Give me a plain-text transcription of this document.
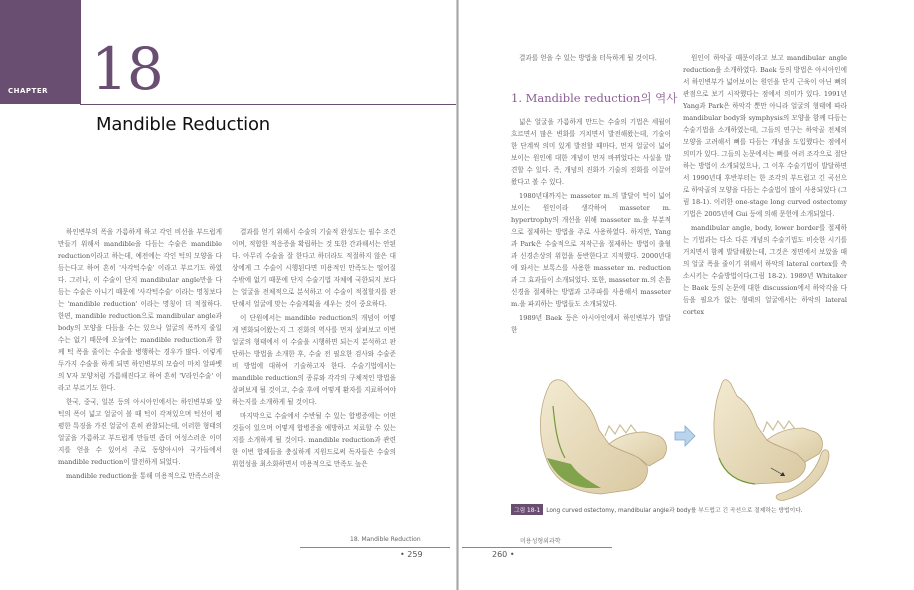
CHAPTER 18
Mandible Reduction

하인변부의 폭을 가름하게 하고 각인 비선을 부드럽게 만들기 위해서 mandible을 다듬는 수술은 mandible reduction이라고 하는데, 예전에는 각인 턱의 모양을 다듬는다고 하여 흔히 '사각턱수술' 이라고 부르기도 하였다. 그러나, 이 수술이 단지 mandibular angle만을 다듬는 수술은 아니기 때문에 '사각턱수술' 이라는 명칭보다는 'mandible reduction' 이라는 명칭이 더 적절하다. 한편, mandible reduction으로 mandibular angle과 body의 모양을 다듬을 수는 있으나 얼굴의 폭까지 줄일 수는 없기 때문에 오늘에는 mandible reduction과 함께 턱 폭을 줄이는 수술을 병행하는 경우가 많다. 이렇게 두가지 수술을 하게 되면 하인변부의 모습이 마치 알파벳의 V자 모양처럼 가름해진다고 하여 흔히 'V라인수술' 이라고 부르기도 한다.

한국, 중국, 일본 등의 아시아인에서는 하인변부와 앞턱의 폭이 넓고 얼굴이 볼 때 턱이 각져있으며 턱선이 평평한 특징을 가진 얼굴이 흔히 관찰되는데, 이러한 형태의 얼굴을 가름하고 부드럽게 만들면 좀더 여성스러운 이미지를 얻을 수 있어서 주로 동양아시아 국가들에서 mandible reduction이 발전하게 되었다.

mandible reduction을 통해 미용적으로 만족스러운

결과를 얻기 위해서 수술의 기술적 완성도는 필수 조건이며, 적합한 적응증을 확립하는 것 또한 간과해서는 안된다. 아무리 수술을 잘 한다고 하더라도 적절하지 않은 대상에게 그 수술이 시행된다면 미용적인 만족도는 떨어질 수밖에 없기 때문에 단지 수술기법 자체에 국한되지 보다는 얼굴을 전체적으로 분석하고 이 수술이 적절할지를 판단해서 얼굴에 맞는 수술계획을 세우는 것이 중요하다.

이 단원에서는 mandible reduction의 개념이 어떻게 변화되어왔는지 그 진화의 역사를 먼저 살펴보고 이번 얼굴의 형태에서 이 수술을 시행하면 되는지 분석하고 판단하는 방법을 소개한 후, 수술 전 필요한 검사와 수술준비 방법에 대하여 기술하고자 한다. 수술기법에서는 mandible reduction의 종류와 각각의 구체적인 방법을 살펴보게 될 것이고, 수술 후에 어떻게 환자를 지료하여야 하는지를 소개하게 될 것이다.

마지막으로 수술에서 수반될 수 있는 합병증에는 어떤 것들이 있으며 어떻게 합병증을 예방하고 치료할 수 있는지를 소개하게 될 것이다. mandible reduction과 관련한 이번 합제들을 충실하게 지원드로써 독자들은 수술의 위험성을 최소화하면서 미용적으로 만족도 높은

18. Mandible Reduction
• 259

결과를 얻을 수 있는 방법을 터득하게 될 것이다.

1. Mandible reduction의 역사

넓은 얼굴을 가름하게 만드는 수술의 기법은 세월이 흐르면서 많은 변화를 거치면서 발전해왔는데, 기술이 한 단계씩 의미 있게 발전할 때마다, 먼저 얼굴이 넓어 보이는 원인에 대한 개념이 먼저 바뀌었다는 사실을 발견할 수 있다. 즉, 개념의 진화가 기술의 진화를 이끌어왔다고 볼 수 있다.

1980년대까지는 masseter m.의 발달이 턱이 넓어 보이는 원인이라 생각하여 masseter m. hypertrophy의 개선을 위해 masseter m.을 부분적으로 절제하는 방법을 주로 사용하였다. 하지만, Yang과 Park은 수술적으로 저작근을 절제하는 방법이 출혈과 신경손상의 위험을 동반한다고 지적했다. 2000년대에 와서는 보톡스를 사용한 masseter m. reduction과 그 효과들이 소개되었다. 또한, masseter m.의 손톱신경을 절제하는 방법과 고주파를 사용해서 masseter m.을 파괴하는 방법들도 소개되었다.

1989년 Baek 등은 아시아인에서 하인변부가 발달한

원인이 하악골 때문이라고 보고 mandibular angle reduction을 소개하였다. Baek 등의 방법은 아시아인에서 하인변부가 넓어보이는 원인을 단지 근육이 아닌 뼈의 관점으로 보기 시작했다는 점에서 의미가 있다. 1991년 Yang과 Park은 하악각 뿐만 아니라 얼굴의 형태에 따라 mandibular body와 symphysis의 모양을 함께 다듬는 수술기법을 소개하였는데, 그들의 연구는 하악골 전체의 모양을 고려해서 뼈를 다듬는 개념을 도입했다는 점에서 의미가 있다. 그들의 논문에서는 뼈를 여러 조각으로 절단하는 방법이 소개되었으나, 그 이후 수술기법이 발달하면서 1990년대 후반부터는 한 조각의 부드럽고 긴 곡선으로 하악골의 모양을 다듬는 수술법이 많이 사용되었다 (그림 18-1). 이러한 one-stage long curved ostectomy 기법은 2005년에 Gui 등에 의해 문헌에 소개되었다.

mandibular angle, body, lower border를 절제하는 기법과는 다소 다른 개념의 수술기법도 비슷한 시기를 거치면서 함께 발달해왔는데, 그것은 정면에서 보았을 때의 얼굴 폭을 줄이기 위해서 하악의 lateral cortex를 축소시키는 수술방법이다(그림 18-2). 1989년 Whitaker는 Baek 등의 논문에 대한 discussion에서 하악각을 다듬을 필요가 없는 형태의 얼굴에서는 하악의 lateral cortex

그림 18-1 Long curved ostectomy, mandibular angle과 body를 부드럽고 긴 곡선으로 절제하는 방법이다.
미용성형외과학
260 •
